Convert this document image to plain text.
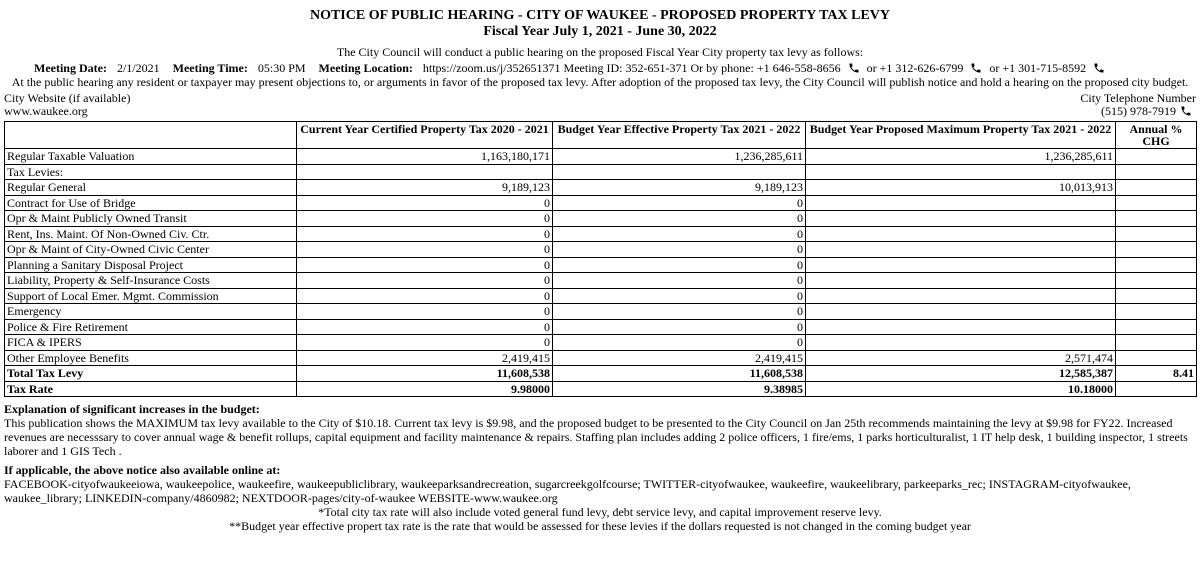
NOTICE OF PUBLIC HEARING - CITY OF WAUKEE - PROPOSED PROPERTY TAX LEVY
Fiscal Year July 1, 2021 - June 30, 2022
The City Council will conduct a public hearing on the proposed Fiscal Year City property tax levy as follows:
Meeting Date: 2/1/2021 Meeting Time: 05:30 PM Meeting Location: https://zoom.us/j/352651371 Meeting ID: 352-651-371 Or by phone: +1 646-558-8656 or +1 312-626-6799 or +1 301-715-8592
At the public hearing any resident or taxpayer may present objections to, or arguments in favor of the proposed tax levy. After adoption of the proposed tax levy, the City Council will publish notice and hold a hearing on the proposed city budget.
City Website (if available)
www.waukee.org
City Telephone Number
(515) 978-7919
	Current Year Certified Property Tax 2020 - 2021	Budget Year Effective Property Tax 2021 - 2022	Budget Year Proposed Maximum Property Tax 2021 - 2022	Annual % CHG
Regular Taxable Valuation	1,163,180,171	1,236,285,611	1,236,285,611	
Tax Levies:				
Regular General	9,189,123	9,189,123	10,013,913	
Contract for Use of Bridge	0	0		
Opr & Maint Publicly Owned Transit	0	0		
Rent, Ins. Maint. Of Non-Owned Civ. Ctr.	0	0		
Opr & Maint of City-Owned Civic Center	0	0		
Planning a Sanitary Disposal Project	0	0		
Liability, Property & Self-Insurance Costs	0	0		
Support of Local Emer. Mgmt. Commission	0	0		
Emergency	0	0		
Police & Fire Retirement	0	0		
FICA & IPERS	0	0		
Other Employee Benefits	2,419,415	2,419,415	2,571,474	
Total Tax Levy	11,608,538	11,608,538	12,585,387	8.41
Tax Rate	9.98000	9.38985	10.18000	
Explanation of significant increases in the budget:

This publication shows the MAXIMUM tax levy available to the City of $10.18. Current tax levy is $9.98, and the proposed budget to be presented to the City Council on Jan 25th recommends maintaining the levy at $9.98 for FY22. Increased revenues are necesssary to cover annual wage & benefit rollups, capital equipment and facility maintenance & repairs. Staffing plan includes adding 2 police officers, 1 fire/ems, 1 parks horticulturalist, 1 IT help desk, 1 building inspector, 1 streets laborer and 1 GIS Tech .

If applicable, the above notice also available online at:

FACEBOOK-cityofwaukeeiowa, waukeepolice, waukeefire, waukeepubliclibrary, waukeeparksandrecreation, sugarcreekgolfcourse; TWITTER-cityofwaukee, waukeefire, waukeelibrary, parkeeparks_rec; INSTAGRAM-cityofwaukee, waukee_library; LINKEDIN-company/4860982; NEXTDOOR-pages/city-of-waukee WEBSITE-www.waukee.org

*Total city tax rate will also include voted general fund levy, debt service levy, and capital improvement reserve levy.
**Budget year effective propert tax rate is the rate that would be assessed for these levies if the dollars requested is not changed in the coming budget year
